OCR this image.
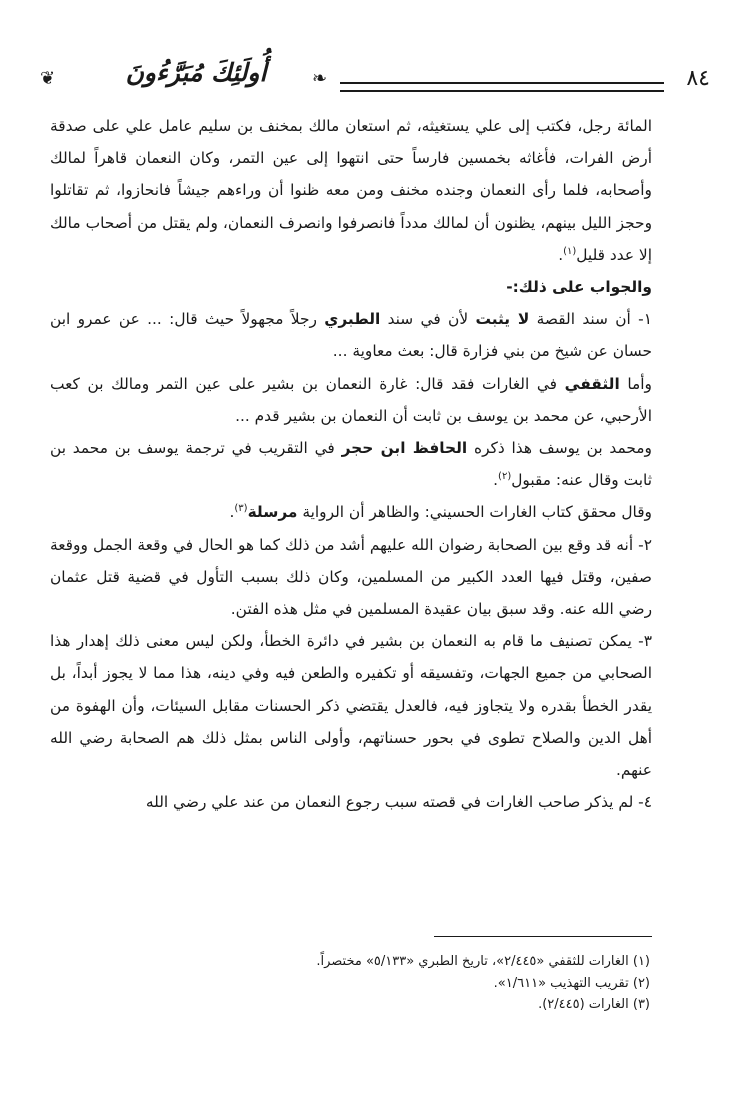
٨٤
❧
أُولَئِكَ مُبَرَّءُونَ
❦

المائة رجل، فكتب إلى علي يستغيثه، ثم استعان مالك بمخنف بن سليم عامل علي على صدقة أرض الفرات، فأغاثه بخمسين فارساً حتى انتهوا إلى عين التمر، وكان النعمان قاهراً لمالك وأصحابه، فلما رأى النعمان وجنده مخنف ومن معه ظنوا أن وراءهم جيشاً فانحازوا، ثم تقاتلوا وحجز الليل بينهم، يظنون أن لمالك مدداً فانصرفوا وانصرف النعمان، ولم يقتل من أصحاب مالك إلا عدد قليل$^{(١)}$.

والجواب على ذلك:-

١- أن سند القصة لا يثبت لأن في سند الطبري رجلاً مجهولاً حيث قال: ... عن عمرو ابن حسان عن شيخ من بني فزارة قال: بعث معاوية ...

وأما الثقفي في الغارات فقد قال: غارة النعمان بن بشير على عين التمر ومالك بن كعب الأرحبي، عن محمد بن يوسف بن ثابت أن النعمان بن بشير قدم ...

ومحمد بن يوسف هذا ذكره الحافظ ابن حجر في التقريب في ترجمة يوسف بن محمد بن ثابت وقال عنه: مقبول$^{(٢)}$.

وقال محقق كتاب الغارات الحسيني: والظاهر أن الرواية مرسلة$^{(٣)}$.

٢- أنه قد وقع بين الصحابة رضوان الله عليهم أشد من ذلك كما هو الحال في وقعة الجمل ووقعة صفين، وقتل فيها العدد الكبير من المسلمين، وكان ذلك بسبب التأول في قضية قتل عثمان رضي الله عنه. وقد سبق بيان عقيدة المسلمين في مثل هذه الفتن.

٣- يمكن تصنيف ما قام به النعمان بن بشير في دائرة الخطأ، ولكن ليس معنى ذلك إهدار هذا الصحابي من جميع الجهات، وتفسيقه أو تكفيره والطعن فيه وفي دينه، هذا مما لا يجوز أبداً، بل يقدر الخطأ بقدره ولا يتجاوز فيه، فالعدل يقتضي ذكر الحسنات مقابل السيئات، وأن الهفوة من أهل الدين والصلاح تطوى في بحور حسناتهم، وأولى الناس بمثل ذلك هم الصحابة رضي الله عنهم.

٤- لم يذكر صاحب الغارات في قصته سبب رجوع النعمان من عند علي رضي الله

(١) الغارات للثقفي «٢/٤٤٥»، تاريخ الطبري «٥/١٣٣» مختصراً.

(٢) تقريب التهذيب «١/٦١١».

(٣) الغارات (٢/٤٤٥).
